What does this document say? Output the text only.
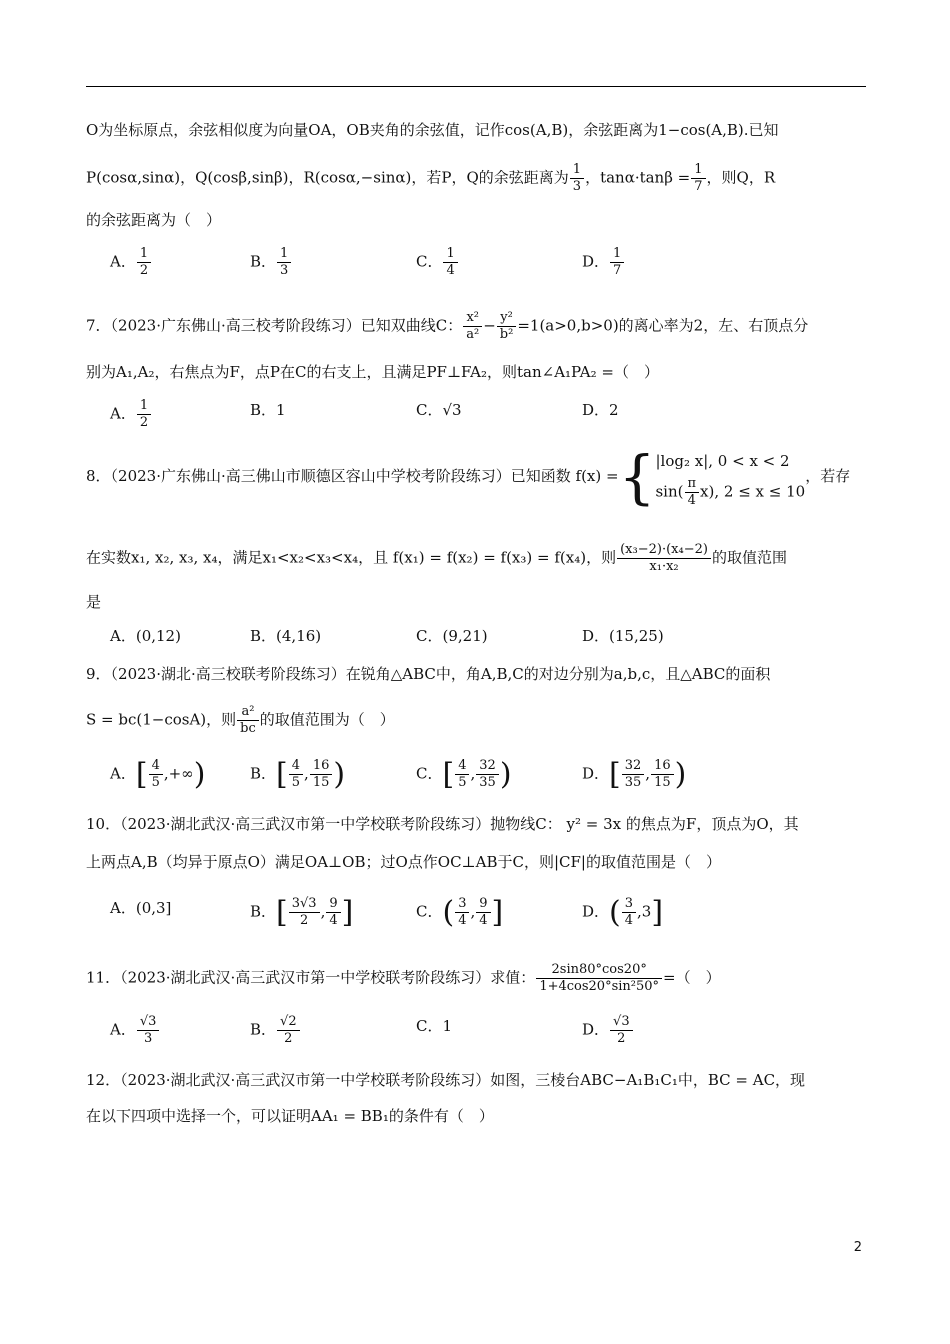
O为坐标原点，余弦相似度为向量OA，OB夹角的余弦值，记作cos(A,B)，余弦距离为1−cos(A,B).已知
P(cosα,sinα)，Q(cosβ,sinβ)，R(cosα,−sinα)，若P，Q的余弦距离为 $\frac{1}{3}$ ，$\tan\alpha\cdot\tan\beta = \frac{1}{7}$ ，则Q，R
的余弦距离为（　）
A． $\frac{1}{2}$	B． $\frac{1}{3}$	C． $\frac{1}{4}$	D． $\frac{1}{7}$
7．（2023·广东佛山·高三校考阶段练习）已知双曲线C： $\frac{\text{x²}}{\text{a²}} - \frac{\text{y²}}{\text{b²}} =1(a>0,b>0)$的离心率为2，左、右顶点分
别为A₁,A₂，右焦点为F，点P在C的右支上，且满足PF⊥FA₂，则tan∠A₁PA₂ =（　）
A． $\frac{1}{2}$	B．1	C．√3	D．2
8．（2023·广东佛山·高三佛山市顺德区容山中学校考阶段练习）已知函数 f(x) ={ |log₂ x|, 0 < x < 2
$\sin( \frac{\pi}{4} x)$, 2 ≤ x ≤ 10
，若存
在实数x₁, x₂, x₃, x₄，满足x₁<x₂<x₃<x₄，且 f(x₁) = f(x₂) = f(x₃) = f(x₄)，则 $\frac{\text{(x₃−2)·(x₄−2)}}{\text{x₁·x₂}}$ 的取值范围
是
A．(0,12)	B．(4,16)	C．(9,21)	D．(15,25)
9．（2023·湖北·高三校联考阶段练习）在锐角△ABC中，角A,B,C的对边分别为a,b,c，且△ABC的面积
S = bc(1−cosA)，则 $\frac{\text{a²}}{bc}$ 的取值范围为（　）
A．[ $\frac{4}{5}$ ,+∞)	B．[ $\frac{4}{5}$ , $\frac{16}{15}$ )	C．[ $\frac{4}{5}$ , $\frac{32}{35}$ )	D．[ $\frac{32}{35}$ , $\frac{16}{15}$ )
10．（2023·湖北武汉·高三武汉市第一中学校联考阶段练习）抛物线C： y² = 3x 的焦点为F，顶点为O，其
上两点A,B（均异于原点O）满足OA⊥OB；过O点作OC⊥AB于C，则|CF|的取值范围是（　）
A．(0,3]	B．[ $\frac{3√3}{2}$ , $\frac{9}{4}$ ]	C．( $\frac{3}{4}$ , $\frac{9}{4}$ ]	D．( $\frac{3}{4} ,3$]
11．（2023·湖北武汉·高三武汉市第一中学校联考阶段练习）求值： $\frac{2\sin 80^\circ\cos 20^\circ}{\text{1+4cos20°sin²50°}}$ =（　）
A． $\frac{√3}{3}$	B． $\frac{√2}{2}$	C．1	D． $\frac{√3}{2}$
12．（2023·湖北武汉·高三武汉市第一中学校联考阶段练习）如图，三棱台ABC−A₁B₁C₁中，BC = AC，现
在以下四项中选择一个，可以证明AA₁ = BB₁的条件有（　）
2
